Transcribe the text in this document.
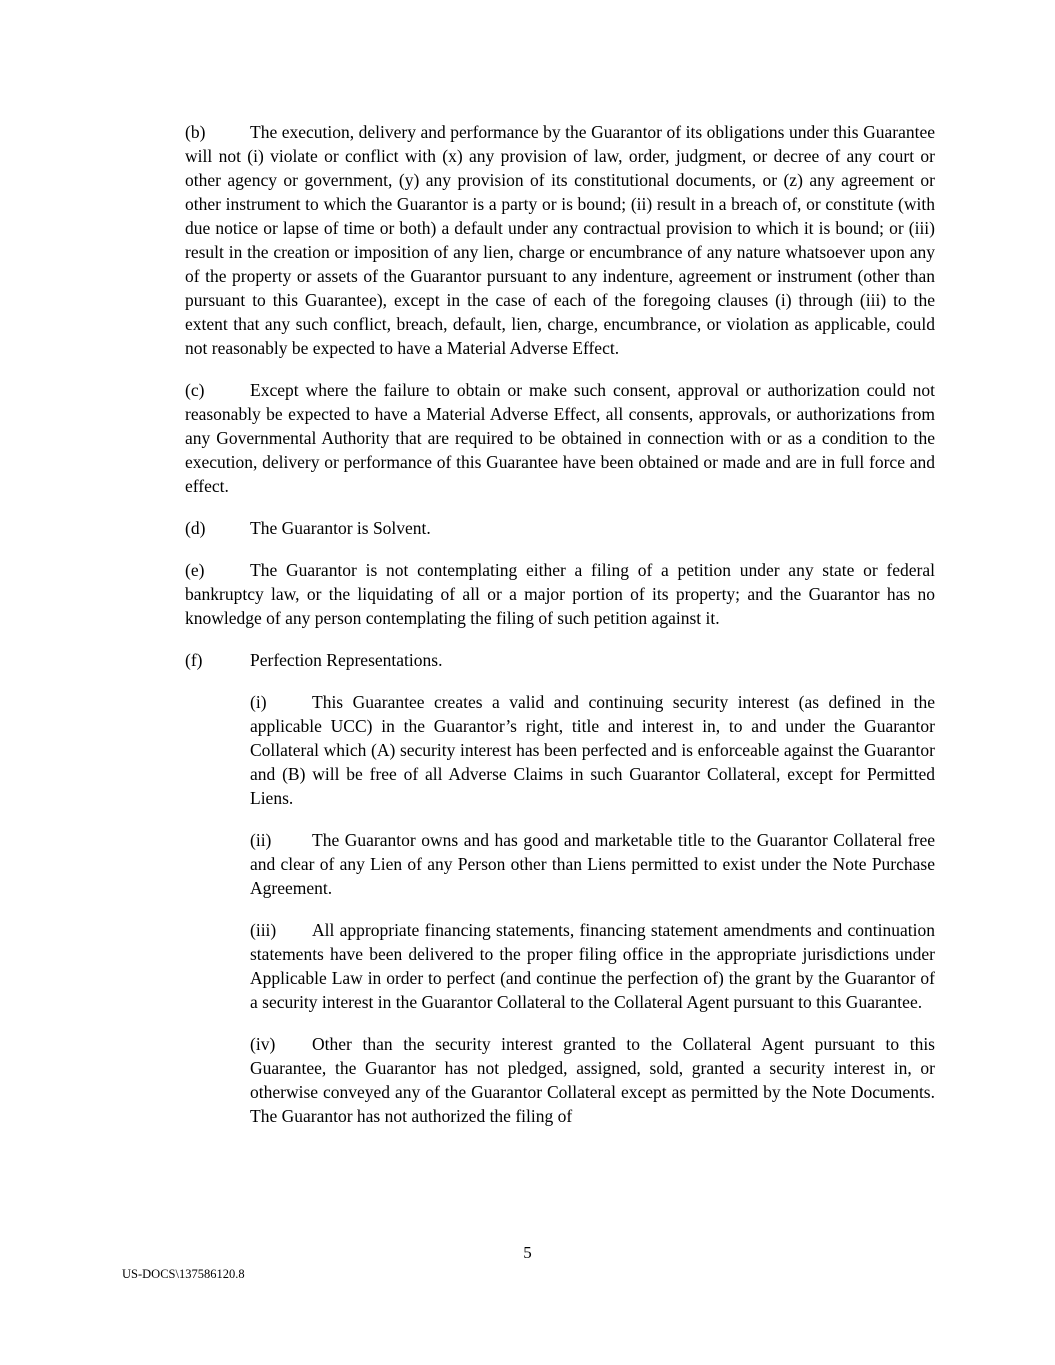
(b)	The execution, delivery and performance by the Guarantor of its obligations under this Guarantee will not (i) violate or conflict with (x) any provision of law, order, judgment, or decree of any court or other agency or government, (y) any provision of its constitutional documents, or (z) any agreement or other instrument to which the Guarantor is a party or is bound; (ii) result in a breach of, or constitute (with due notice or lapse of time or both) a default under any contractual provision to which it is bound; or (iii) result in the creation or imposition of any lien, charge or encumbrance of any nature whatsoever upon any of the property or assets of the Guarantor pursuant to any indenture, agreement or instrument (other than pursuant to this Guarantee), except in the case of each of the foregoing clauses (i) through (iii) to the extent that any such conflict, breach, default, lien, charge, encumbrance, or violation as applicable, could not reasonably be expected to have a Material Adverse Effect.

(c)	Except where the failure to obtain or make such consent, approval or authorization could not reasonably be expected to have a Material Adverse Effect, all consents, approvals, or authorizations from any Governmental Authority that are required to be obtained in connection with or as a condition to the execution, delivery or performance of this Guarantee have been obtained or made and are in full force and effect.

(d)	The Guarantor is Solvent.

(e)	The Guarantor is not contemplating either a filing of a petition under any state or federal bankruptcy law, or the liquidating of all or a major portion of its property; and the Guarantor has no knowledge of any person contemplating the filing of such petition against it.

(f)	Perfection Representations.

(i)	This Guarantee creates a valid and continuing security interest (as defined in the applicable UCC) in the Guarantor’s right, title and interest in, to and under the Guarantor Collateral which (A) security interest has been perfected and is enforceable against the Guarantor and (B) will be free of all Adverse Claims in such Guarantor Collateral, except for Permitted Liens.

(ii) The Guarantor owns and has good and marketable title to the Guarantor Collateral free and clear of any Lien of any Person other than Liens permitted to exist under the Note Purchase Agreement.

(iii) All appropriate financing statements, financing statement amendments and continuation statements have been delivered to the proper filing office in the appropriate jurisdictions under Applicable Law in order to perfect (and continue the perfection of) the grant by the Guarantor of a security interest in the Guarantor Collateral to the Collateral Agent pursuant to this Guarantee.

(iv) Other than the security interest granted to the Collateral Agent pursuant to this Guarantee, the Guarantor has not pledged, assigned, sold, granted a security interest in, or otherwise conveyed any of the Guarantor Collateral except as permitted by the Note Documents. The Guarantor has not authorized the filing of

5
US-DOCS\137586120.8
